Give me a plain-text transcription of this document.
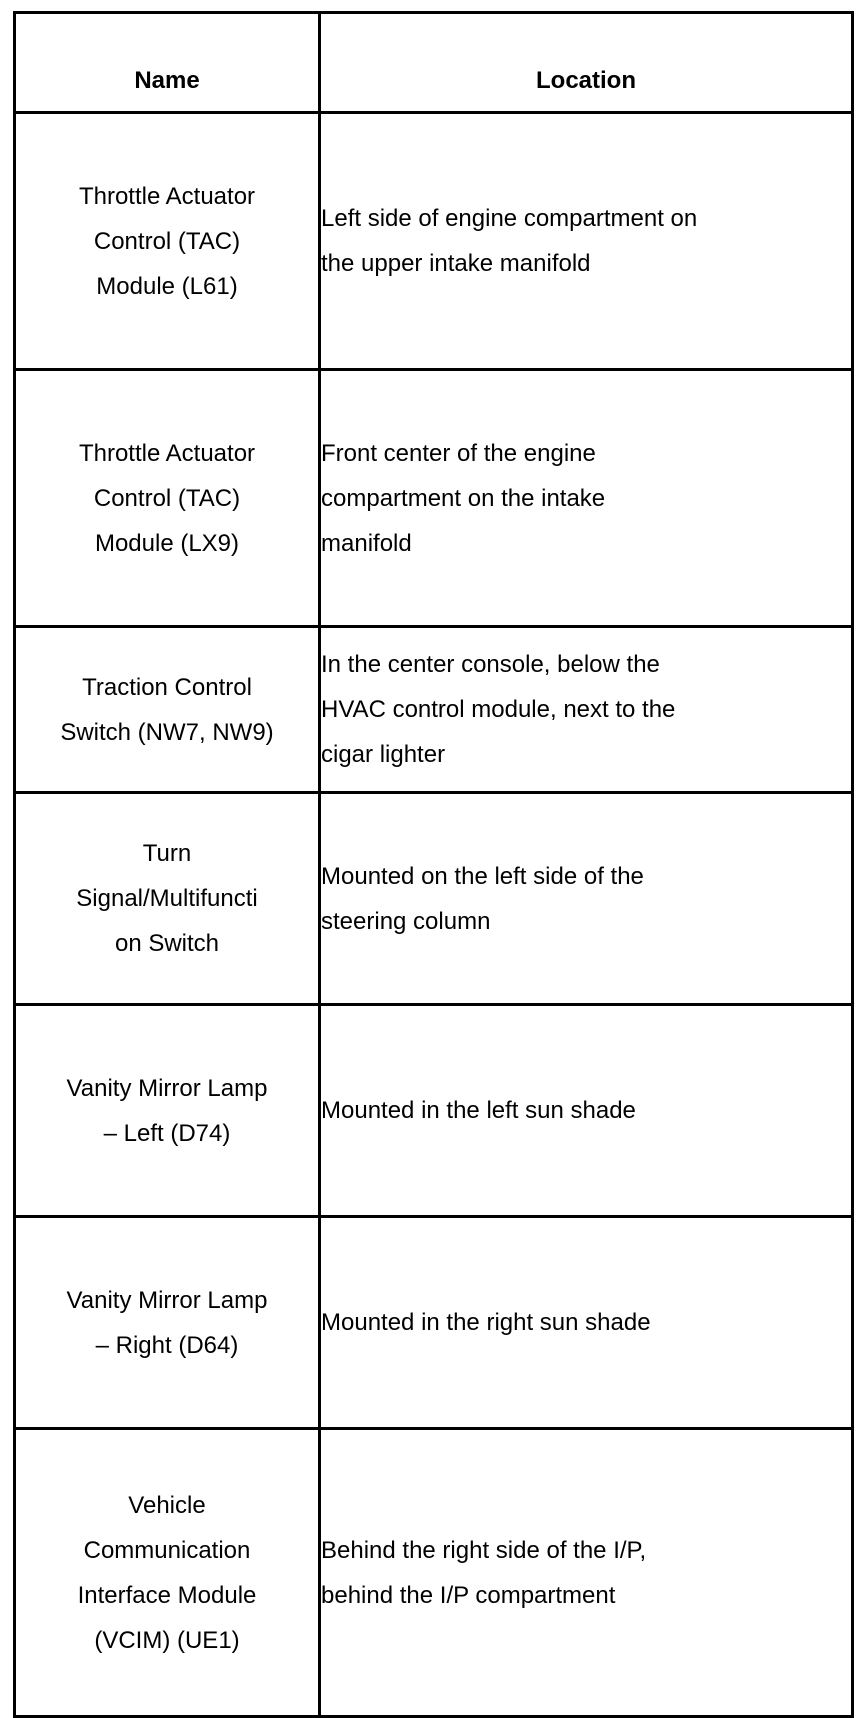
Name	Location
Throttle Actuator
Control (TAC)
Module (L61)	Left side of engine compartment on
the upper intake manifold
Throttle Actuator
Control (TAC)
Module (LX9)	Front center of the engine
compartment on the intake
manifold
Traction Control
Switch (NW7, NW9)	In the center console, below the
HVAC control module, next to the
cigar lighter
Turn
Signal/Multifuncti
on Switch	Mounted on the left side of the
steering column
Vanity Mirror Lamp
– Left (D74)	Mounted in the left sun shade
Vanity Mirror Lamp
– Right (D64)	Mounted in the right sun shade
Vehicle
Communication
Interface Module
(VCIM) (UE1)	Behind the right side of the I/P,
behind the I/P compartment
